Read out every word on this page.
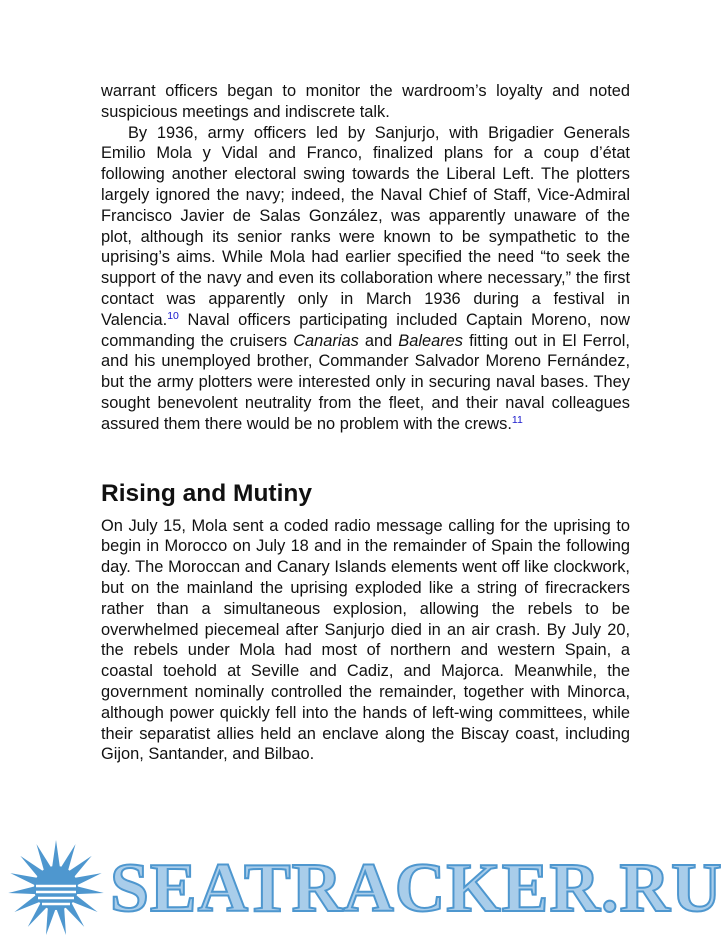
warrant officers began to monitor the wardroom’s loyalty and noted suspicious meetings and indiscrete talk.

By 1936, army officers led by Sanjurjo, with Brigadier Generals Emilio Mola y Vidal and Franco, finalized plans for a coup d’état following another electoral swing towards the Liberal Left. The plotters largely ignored the navy; indeed, the Naval Chief of Staff, Vice-Admiral Francisco Javier de Salas González, was apparently unaware of the plot, although its senior ranks were known to be sympathetic to the uprising’s aims. While Mola had earlier specified the need “to seek the support of the navy and even its collaboration where necessary,” the first contact was apparently only in March 1936 during a festival in Valencia.$^{10}$ Naval officers participating included Captain Moreno, now commanding the cruisers Canarias and Baleares fitting out in El Ferrol, and his unemployed brother, Commander Salvador Moreno Fernández, but the army plotters were interested only in securing naval bases. They sought benevolent neutrality from the fleet, and their naval colleagues assured them there would be no problem with the crews.$^{11}$

Rising and Mutiny

On July 15, Mola sent a coded radio message calling for the uprising to begin in Morocco on July 18 and in the remainder of Spain the following day. The Moroccan and Canary Islands elements went off like clockwork, but on the mainland the uprising exploded like a string of firecrackers rather than a simultaneous explosion, allowing the rebels to be overwhelmed piecemeal after Sanjurjo died in an air crash. By July 20, the rebels under Mola had most of northern and western Spain, a coastal toehold at Seville and Cadiz, and Majorca. Meanwhile, the government nominally controlled the remainder, together with Minorca, although power quickly fell into the hands of left-wing committees, while their separatist allies held an enclave along the Biscay coast, including Gijon, Santander, and Bilbao.

SEATRACKER.RU
